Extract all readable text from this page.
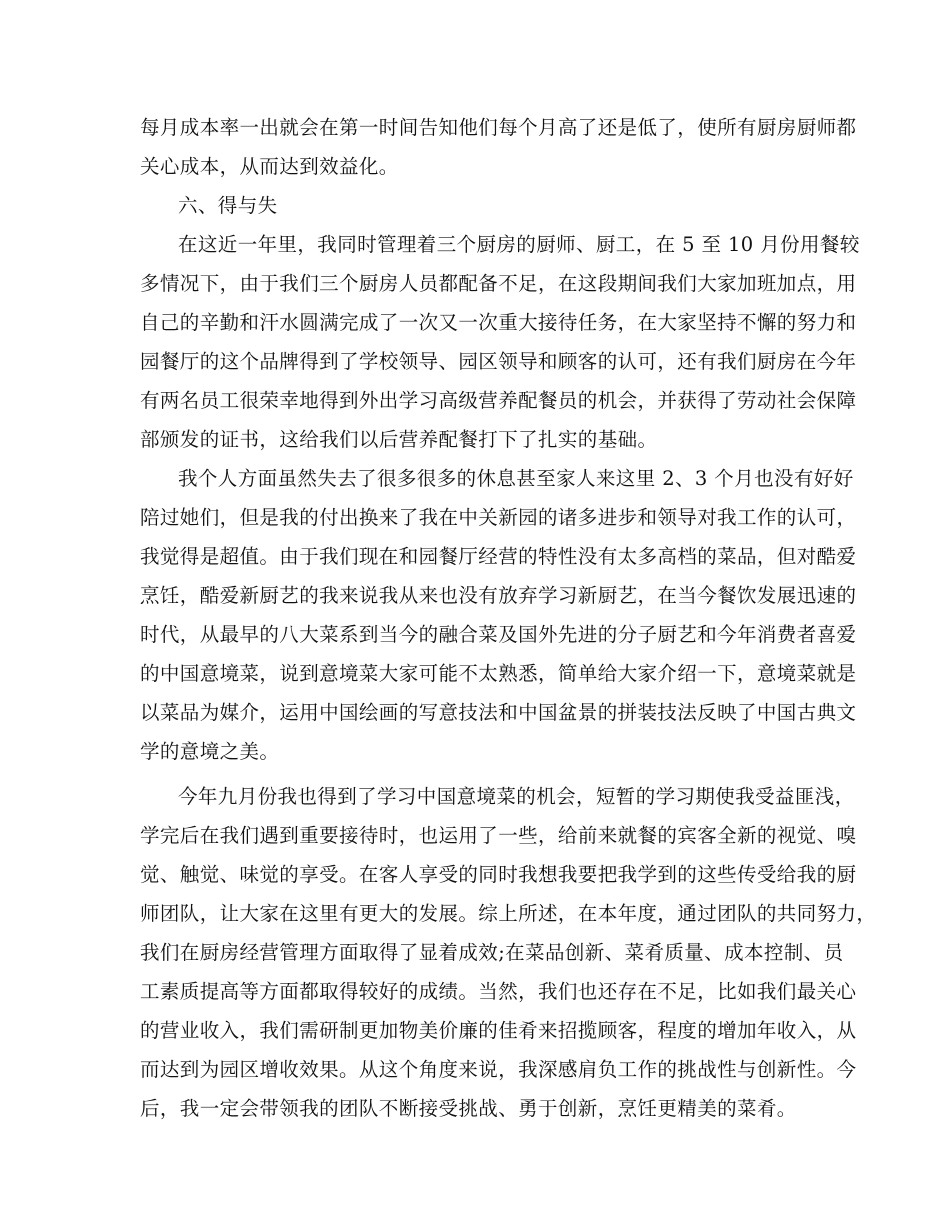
每月成本率一出就会在第一时间告知他们每个月高了还是低了，使所有厨房厨师都
关心成本，从而达到效益化。
六、得与失
在这近一年里，我同时管理着三个厨房的厨师、厨工，在 5 至 10 月份用餐较
多情况下，由于我们三个厨房人员都配备不足，在这段期间我们大家加班加点，用
自己的辛勤和汗水圆满完成了一次又一次重大接待任务，在大家坚持不懈的努力和
园餐厅的这个品牌得到了学校领导、园区领导和顾客的认可，还有我们厨房在今年
有两名员工很荣幸地得到外出学习高级营养配餐员的机会，并获得了劳动社会保障
部颁发的证书，这给我们以后营养配餐打下了扎实的基础。
我个人方面虽然失去了很多很多的休息甚至家人来这里 2、3 个月也没有好好
陪过她们，但是我的付出换来了我在中关新园的诸多进步和领导对我工作的认可，
我觉得是超值。由于我们现在和园餐厅经营的特性没有太多高档的菜品，但对酷爱
烹饪，酷爱新厨艺的我来说我从来也没有放弃学习新厨艺，在当今餐饮发展迅速的
时代，从最早的八大菜系到当今的融合菜及国外先进的分子厨艺和今年消费者喜爱
的中国意境菜，说到意境菜大家可能不太熟悉，简单给大家介绍一下，意境菜就是
以菜品为媒介，运用中国绘画的写意技法和中国盆景的拼装技法反映了中国古典文
学的意境之美。
今年九月份我也得到了学习中国意境菜的机会，短暂的学习期使我受益匪浅，
学完后在我们遇到重要接待时，也运用了一些，给前来就餐的宾客全新的视觉、嗅
觉、触觉、味觉的享受。在客人享受的同时我想我要把我学到的这些传受给我的厨
师团队，让大家在这里有更大的发展。综上所述，在本年度，通过团队的共同努力，
我们在厨房经营管理方面取得了显着成效;在菜品创新、菜肴质量、成本控制、员
工素质提高等方面都取得较好的成绩。当然，我们也还存在不足，比如我们最关心
的营业收入，我们需研制更加物美价廉的佳肴来招揽顾客，程度的增加年收入，从
而达到为园区增收效果。从这个角度来说，我深感肩负工作的挑战性与创新性。今
后，我一定会带领我的团队不断接受挑战、勇于创新，烹饪更精美的菜肴。
